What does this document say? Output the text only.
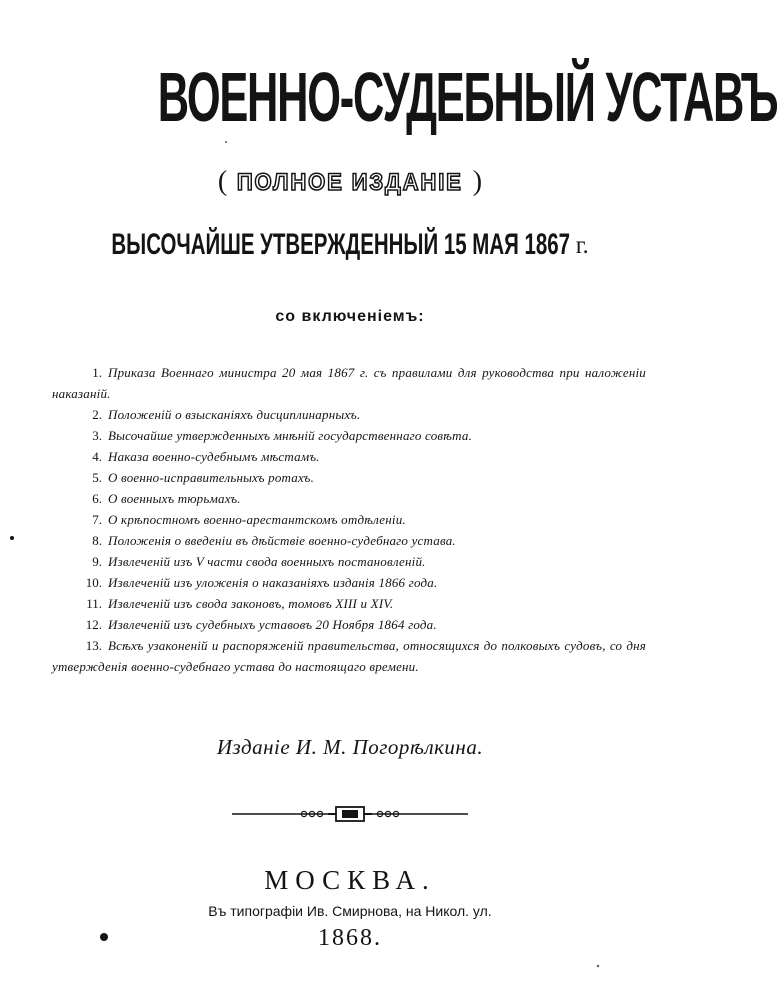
ВОЕННО-СУДЕБНЫЙ УСТАВЪ
( ПОЛНОЕ ИЗДАНІЕ )
ВЫСОЧАЙШЕ УТВЕРЖДЕННЫЙ 15 МАЯ 1867 г.
со включеніемъ:
1. Приказа Военнаго министра 20 мая 1867 г. съ правилами для руководства при наложеніи наказаній.
2. Положеній о взысканіяхъ дисциплинарныхъ.
3. Высочайше утвержденныхъ мнѣній государственнаго совѣта.
4. Наказа военно-судебнымъ мѣстамъ.
5. О военно-исправительныхъ ротахъ.
6. О военныхъ тюрьмахъ.
7. О крѣпостномъ военно-арестантскомъ отдѣленіи.
8. Положенія о введеніи въ дѣйствіе военно-судебнаго устава.
9. Извлеченій изъ V части свода военныхъ постановленій.
10. Извлеченій изъ уложенія о наказаніяхъ изданія 1866 года.
11. Извлеченій изъ свода законовъ, томовъ XIII и XIV.
12. Извлеченій изъ судебныхъ уставовъ 20 Ноября 1864 года.
13. Всѣхъ узаконеній и распоряженій правительства, относящихся до полковыхъ судовъ, со дня утвержденія военно-судебнаго устава до настоящаго времени.
Изданіе И. М. Погорѣлкина.
МОСКВА.
Въ типографіи Ив. Смирнова, на Никол. ул.
1868.
